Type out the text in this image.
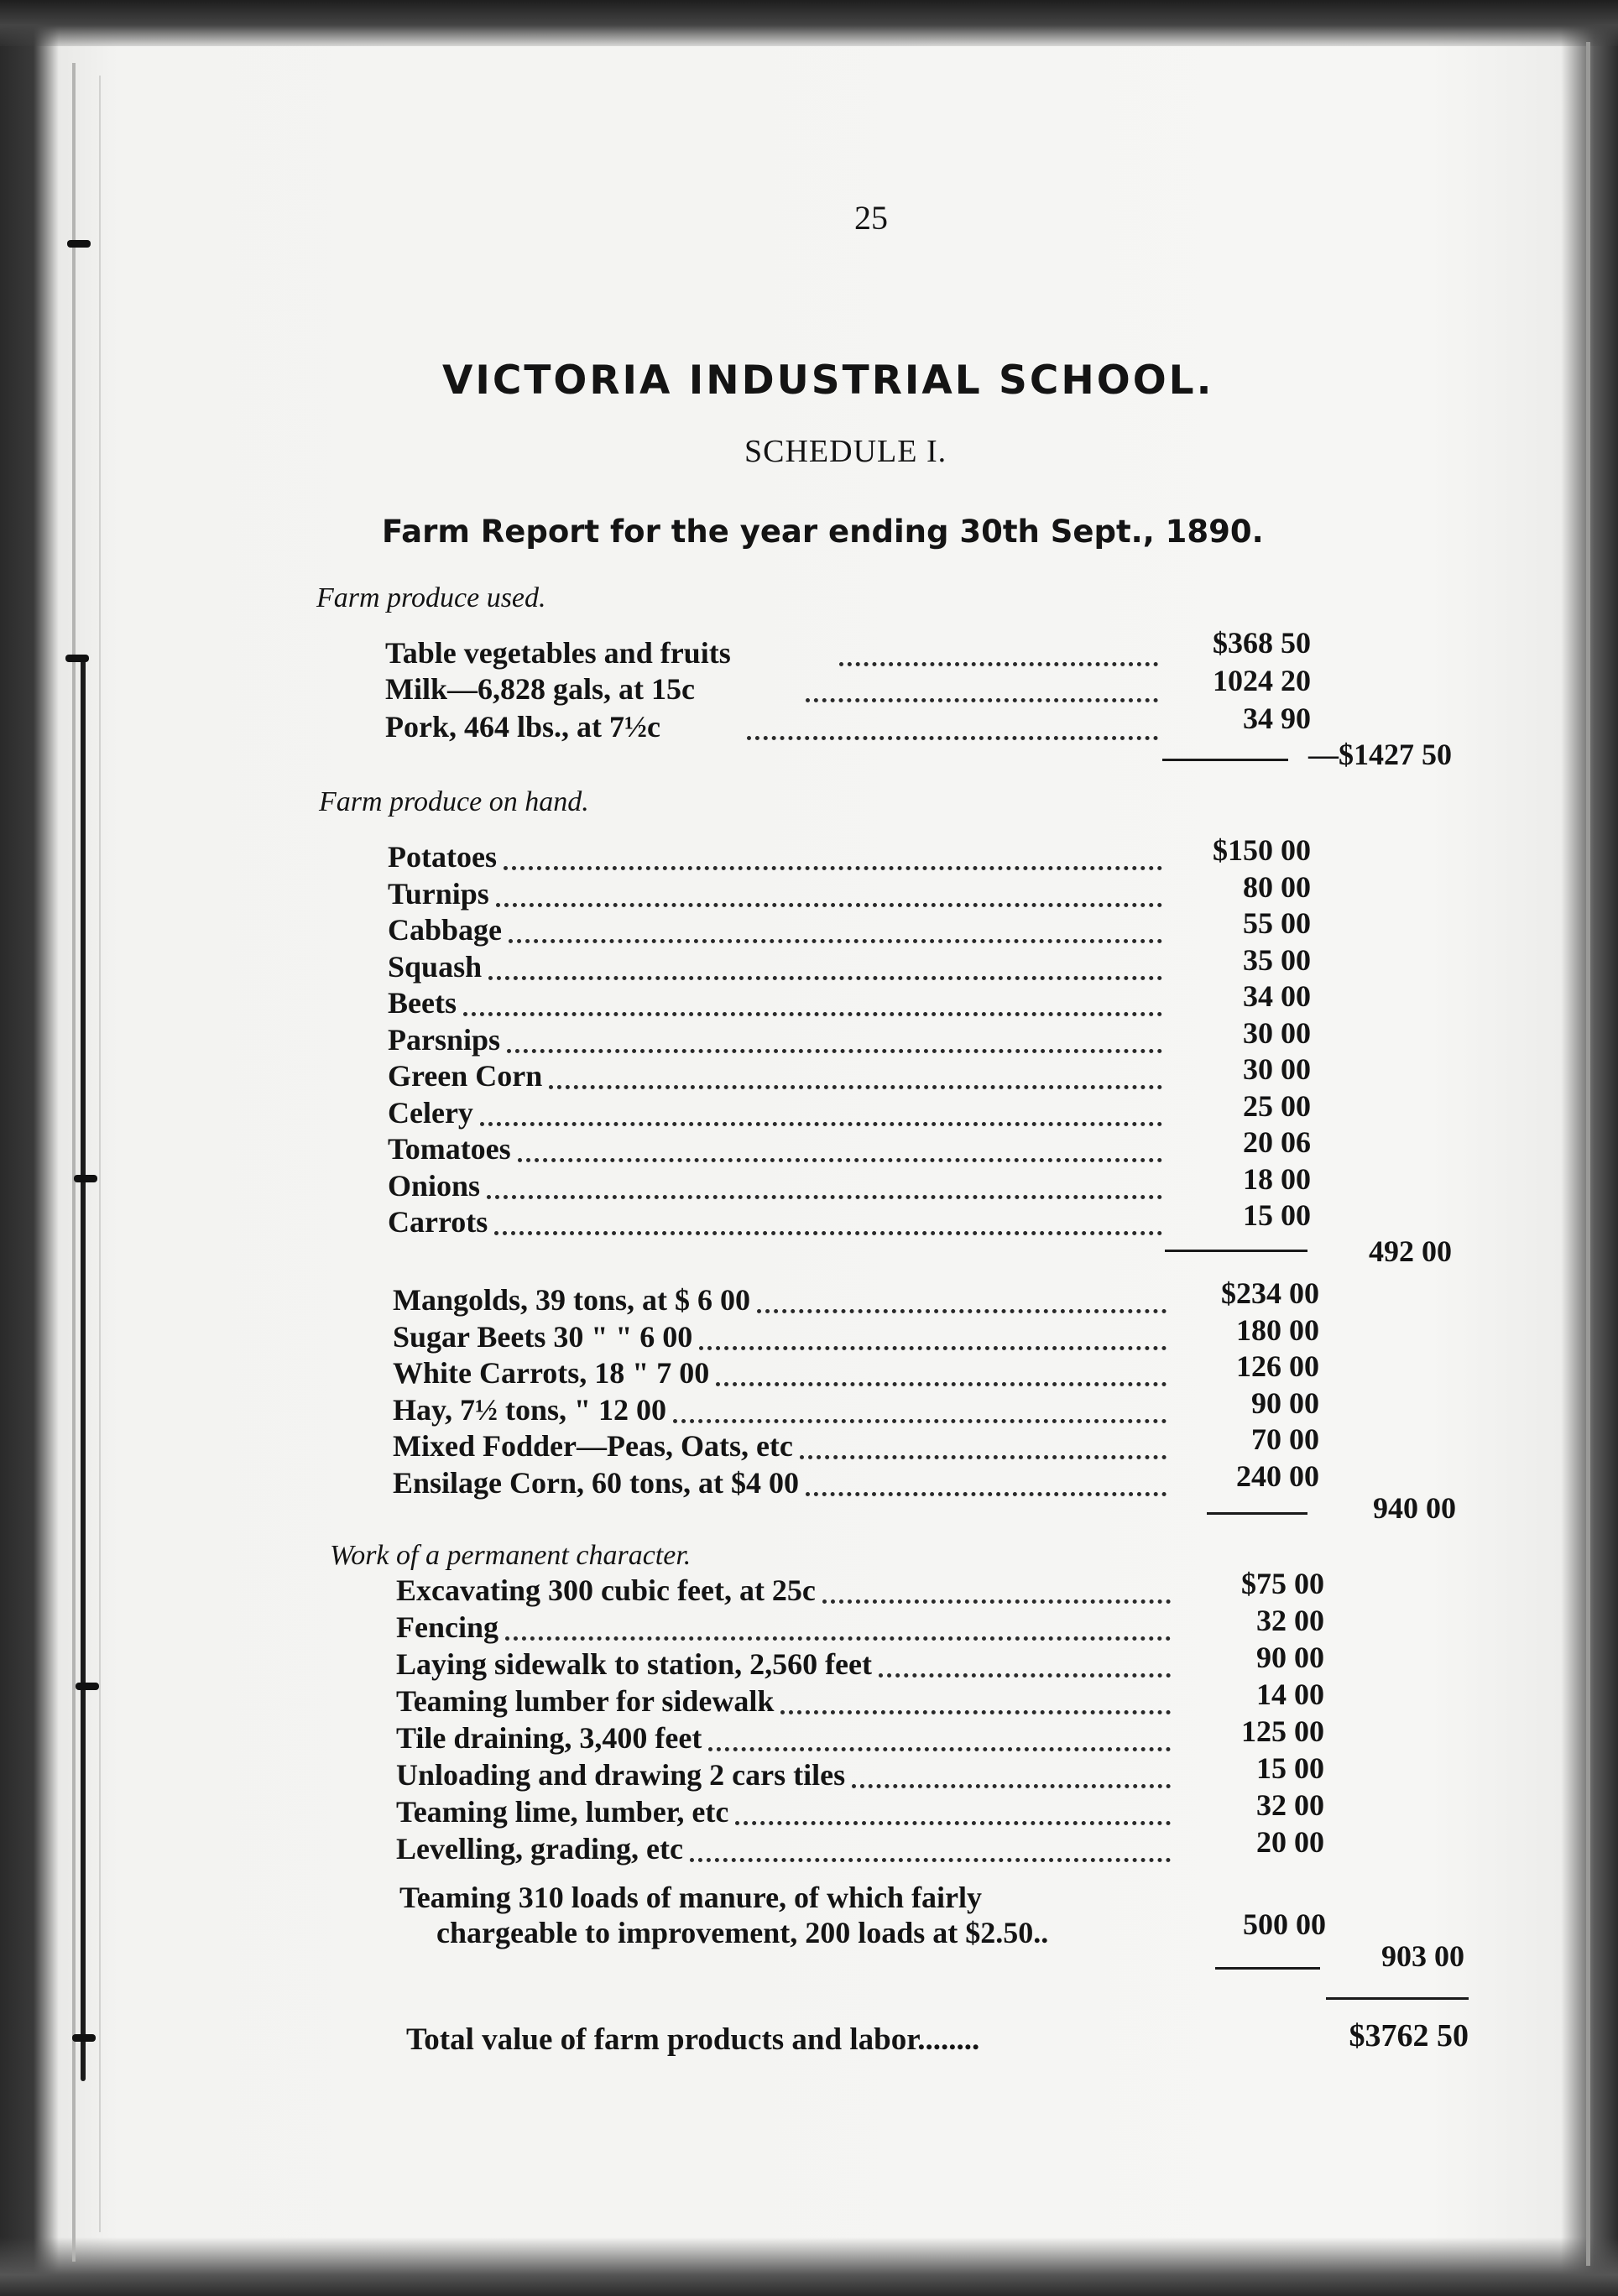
25
VICTORIA INDUSTRIAL SCHOOL.
SCHEDULE I.
Farm Report for the year ending 30th Sept., 1890.
Farm produce used.
Table vegetables and fruits	$368 50
Milk—6,828 gals, at 15c	1024 20
Pork, 464 lbs., at 7½c	34 90
—$1427 50
Farm produce on hand.
Potatoes	$150 00
Turnips	80 00
Cabbage	55 00
Squash	35 00
Beets	34 00
Parsnips	30 00
Green Corn	30 00
Celery	25 00
Tomatoes	20 06
Onions	18 00
Carrots	15 00
492 00
Mangolds, 39 tons, at $ 6 00	$234 00
Sugar Beets 30 " " 6 00	180 00
White Carrots, 18 " 7 00	126 00
Hay, 7½ tons, " 12 00	90 00
Mixed Fodder—Peas, Oats, etc	70 00
Ensilage Corn, 60 tons, at $4 00	240 00
940 00
Work of a permanent character.
Excavating 300 cubic feet, at 25c	$75 00
Fencing	32 00
Laying sidewalk to station, 2,560 feet	90 00
Teaming lumber for sidewalk	14 00
Tile draining, 3,400 feet	125 00
Unloading and drawing 2 cars tiles	15 00
Teaming lime, lumber, etc	32 00
Levelling, grading, etc	20 00
Teaming 310 loads of manure, of which fairly
chargeable to improvement, 200 loads at $2.50..	500 00
903 00
Total value of farm products and labor........	$3762 50
